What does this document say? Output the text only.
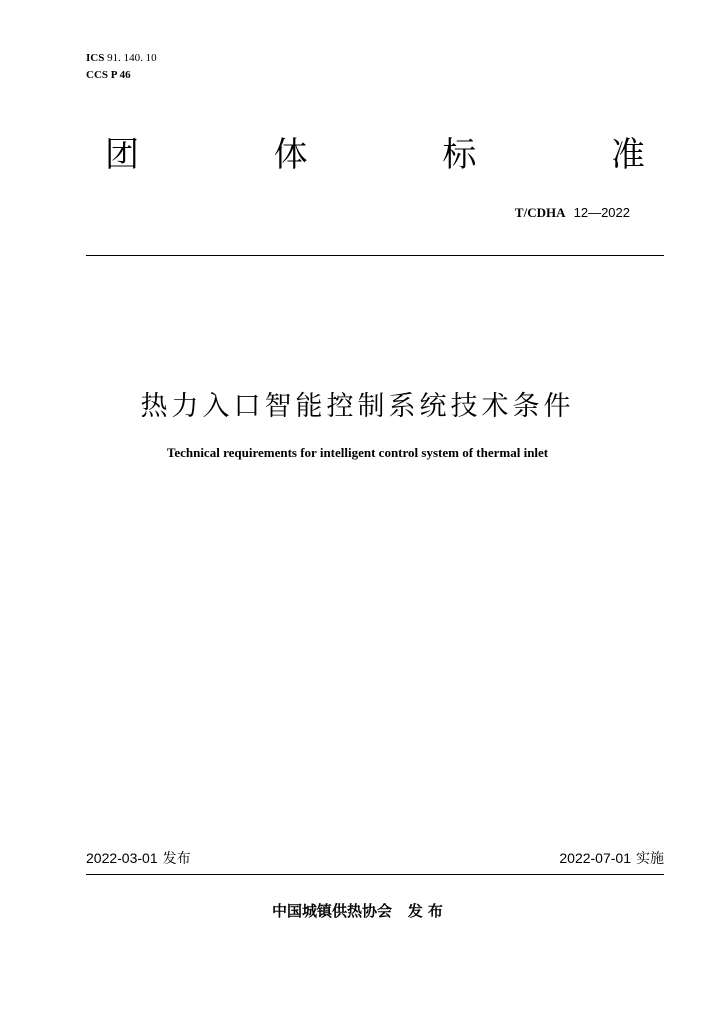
ICS 91. 140. 10
CCS P 46
团	体	标	准
T/CDHA 12—2022
热力入口智能控制系统技术条件
Technical requirements for intelligent control system of thermal inlet
2022-03-01 发布	2022-07-01 实施
中国城镇供热协会   发 布
